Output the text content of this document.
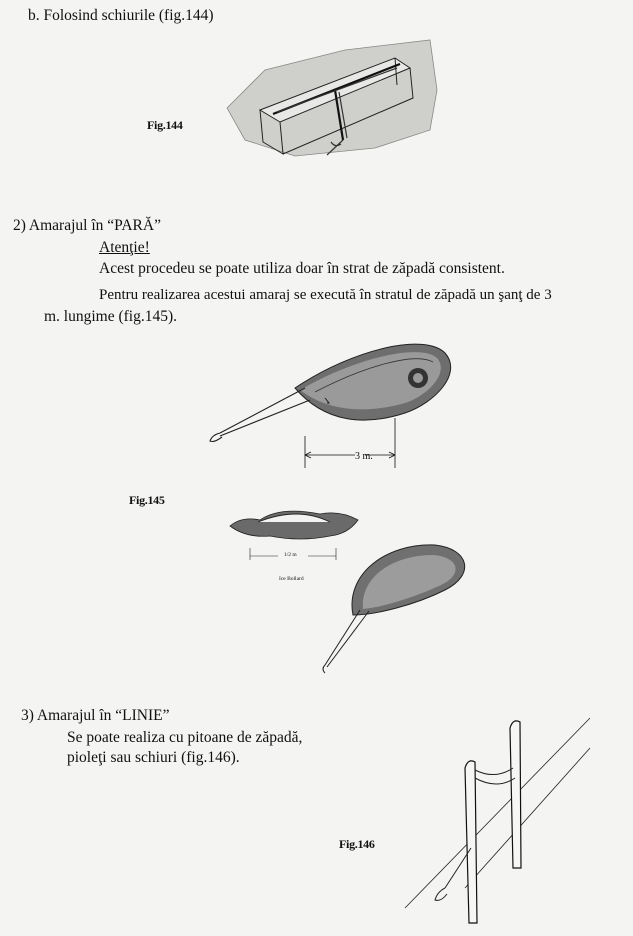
b. Folosind schiurile (fig.144)
Fig.144
2) Amarajul în “PARĂ”
Atenţie!
Acest procedeu se poate utiliza doar în strat de zăpadă consistent.
Pentru realizarea acestui amaraj se execută în stratul de zăpadă un şanţ de 3
m. lungime (fig.145).
3 m.
Fig.145
1/2 m
Ice Bollard
3) Amarajul în “LINIE”
Se poate realiza cu pitoane de zăpadă,
pioleţi sau schiuri (fig.146).
Fig.146
